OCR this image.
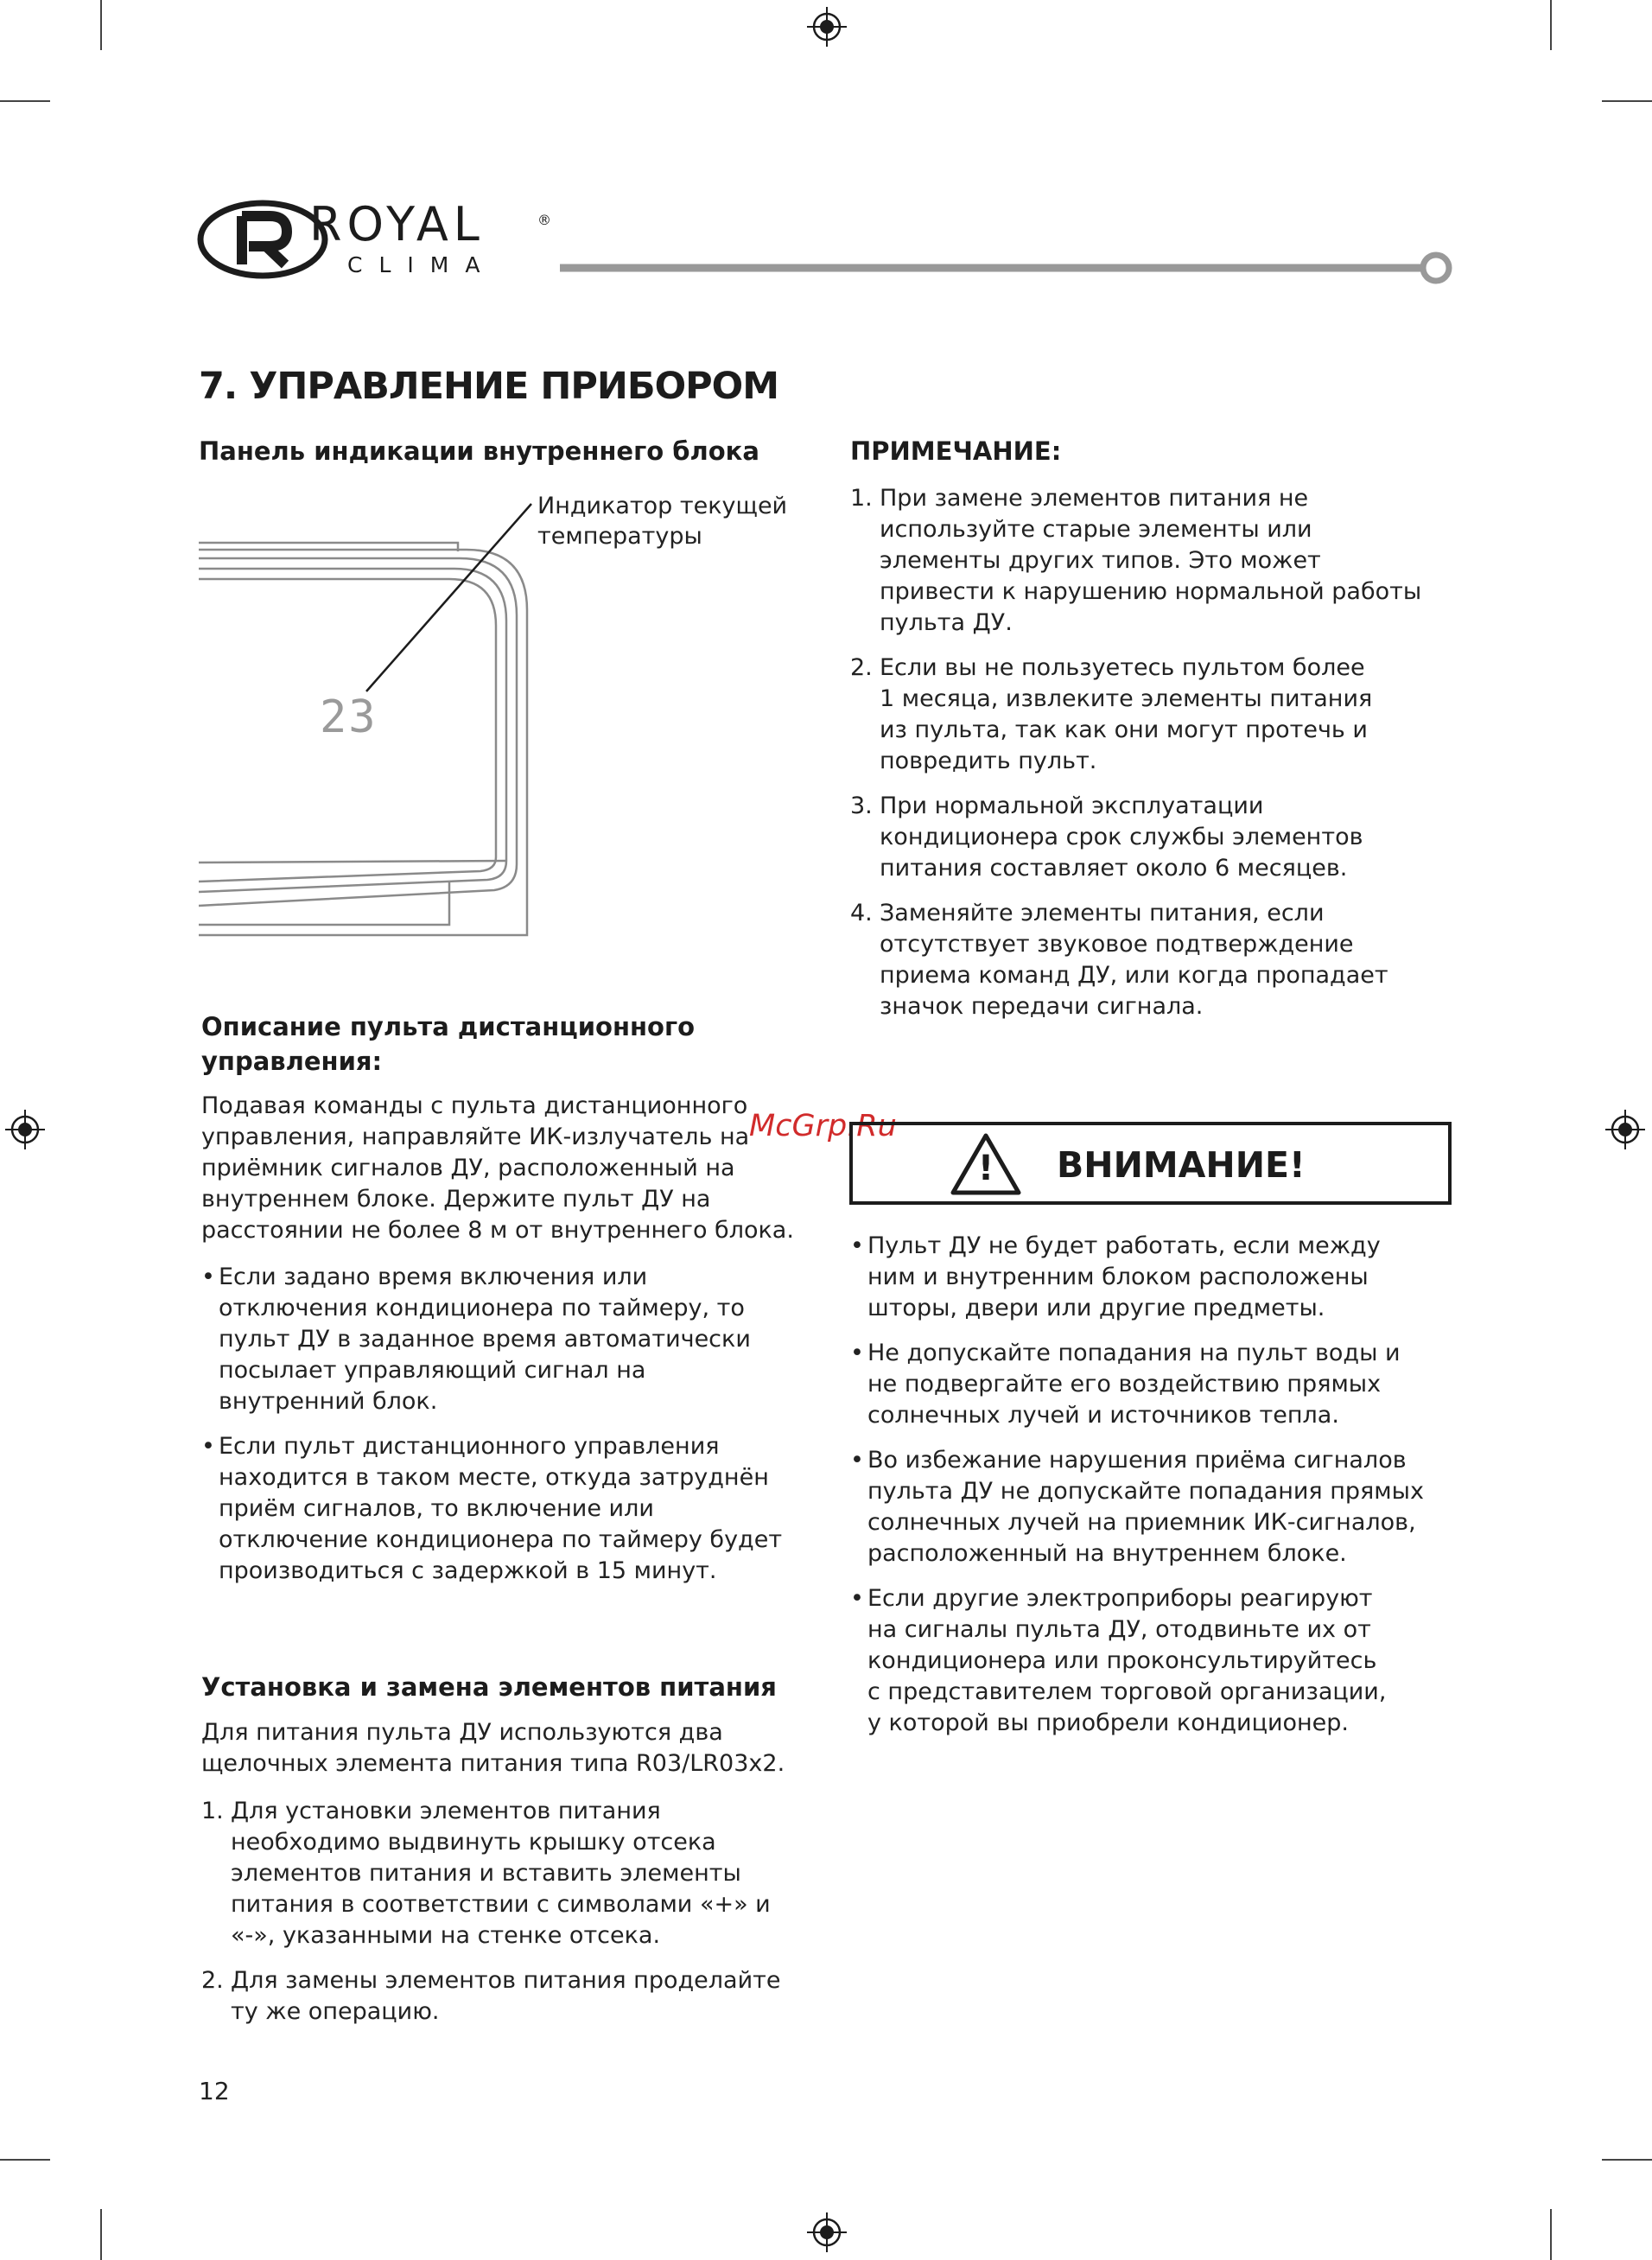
ROYAL	®
CLIMA
7. УПРАВЛЕНИЕ ПРИБОРОМ
Панель индикации внутреннего блока
23
Индикатор текущей
температуры
Описание пульта дистанционного
управления:
Подавая команды с пульта дистанционного
управления, направляйте ИК-излучатель на
приёмник сигналов ДУ, расположенный на
внутреннем блоке. Держите пульт ДУ на
расстоянии не более 8 м от внутреннего блока.
• Если задано время включения или
отключения кондиционера по таймеру, то
пульт ДУ в заданное время автоматически
посылает управляющий сигнал на
внутренний блок.
• Если пульт дистанционного управления
находится в таком месте, откуда затруднён
приём сигналов, то включение или
отключение кондиционера по таймеру будет
производиться с задержкой в 15 минут.
Установка и замена элементов питания
Для питания пульта ДУ используются два
щелочных элемента питания типа R03/LR03x2.
1. Для установки элементов питания
необходимо выдвинуть крышку отсека
элементов питания и вставить элементы
питания в соответствии с символами «+» и
«-», указанными на стенке отсека.
2. Для замены элементов питания проделайте
ту же операцию.
ПРИМЕЧАНИЕ:
1. При замене элементов питания не
используйте старые элементы или
элементы других типов. Это может
привести к нарушению нормальной работы
пульта ДУ.
2. Если вы не пользуетесь пультом более
1 месяца, извлеките элементы питания
из пульта, так как они могут протечь и
повредить пульт.
3. При нормальной эксплуатации
кондиционера срок службы элементов
питания составляет около 6 месяцев.
4. Заменяйте элементы питания, если
отсутствует звуковое подтверждение
приема команд ДУ, или когда пропадает
значок передачи сигнала.
McGrp.Ru
! ВНИМАНИЕ!
• Пульт ДУ не будет работать, если между
ним и внутренним блоком расположены
шторы, двери или другие предметы.
• Не допускайте попадания на пульт воды и
не подвергайте его воздействию прямых
солнечных лучей и источников тепла.
• Во избежание нарушения приёма сигналов
пульта ДУ не допускайте попадания прямых
солнечных лучей на приемник ИК-сигналов,
расположенный на внутреннем блоке.
• Если другие электроприборы реагируют
на сигналы пульта ДУ, отодвиньте их от
кондиционера или проконсультируйтесь
с представителем торговой организации,
у которой вы приобрели кондиционер.
12
